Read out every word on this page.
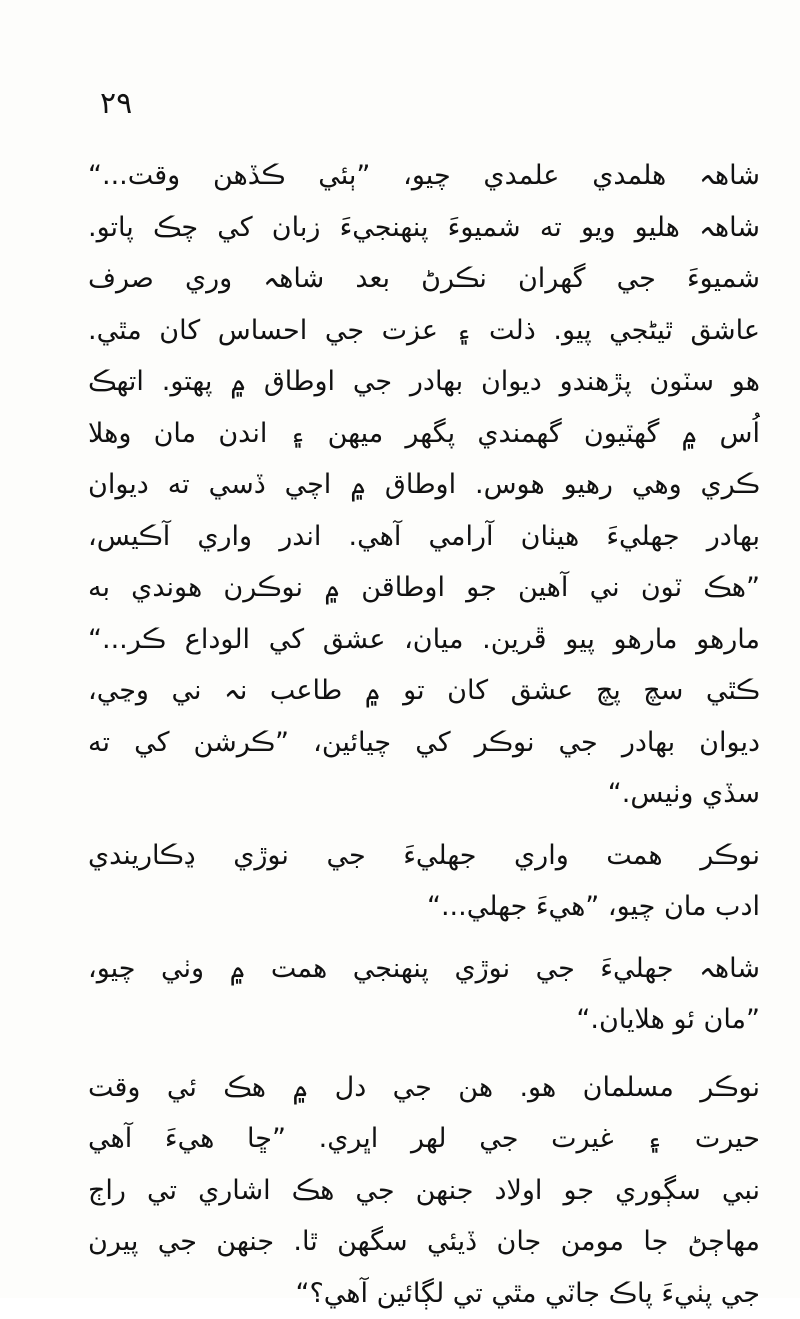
٢٩
شاهہ ھلمدي علمدي چيو، ”ٻئي ڪڏهن وقت...“
شاهہ هليو ويو ته شميوءَ پنهنجيءَ زبان کي چڪ پاتو.
شميوءَ جي گهران نڪرڻ بعد شاهہ وري صرف
عاشق ٿيڻجي پيو. ذلت ۽ عزت جي احساس کان مٿي.
هو سٽون پڙهندو ديوان بهادر جي اوطاق ۾ پهتو. اتهڪ
اُس ۾ گهٽيون گهمندي پگهر ميهن ۽ اندن مان وهلا
ڪري وهي رهيو هوس. اوطاق ۾ اچي ڏسي ته ديوان
بهادر جهليءَ هيٺان آرامي آهي. اندر واري آڪيس،
”هڪ ٽون ني آهين جو اوطاقن ۾ نوڪرن هوندي به
مارهو مارهو پيو ڦرين. ميان، عشق کي الوداع ڪر...“
ڪٿي سچ پچ عشق کان تو ۾ طاعب نہ ني وڃي،
ديوان بهادر جي نوڪر کي چيائين، ”ڪرشن کي ته
سڏي وٺيس.“
نوڪر همت واري جهليءَ جي نوڙي ڍڪاريندي
ادب مان چيو، ”هيءَ جهلي...“
شاهہ جهليءَ جي نوڙي پنهنجي همت ۾ وٺي چيو،
”مان ئو هلايان.“
نوڪر مسلمان هو. هن جي دل ۾ هڪ ئي وقت
حيرت ۽ غيرت جي لهر اڀري. ”ڇا هيءَ آهي
نبي سڳوري جو اولاد جنهن جي هڪ اشاري تي راڄ
مهاڄڻ جا مومن جان ڏيئي سگهن ٿا. جنهن جي پيرن
جي پٺيءَ پاڪ جاٽي مٿي تي لڳائين آهي؟“
